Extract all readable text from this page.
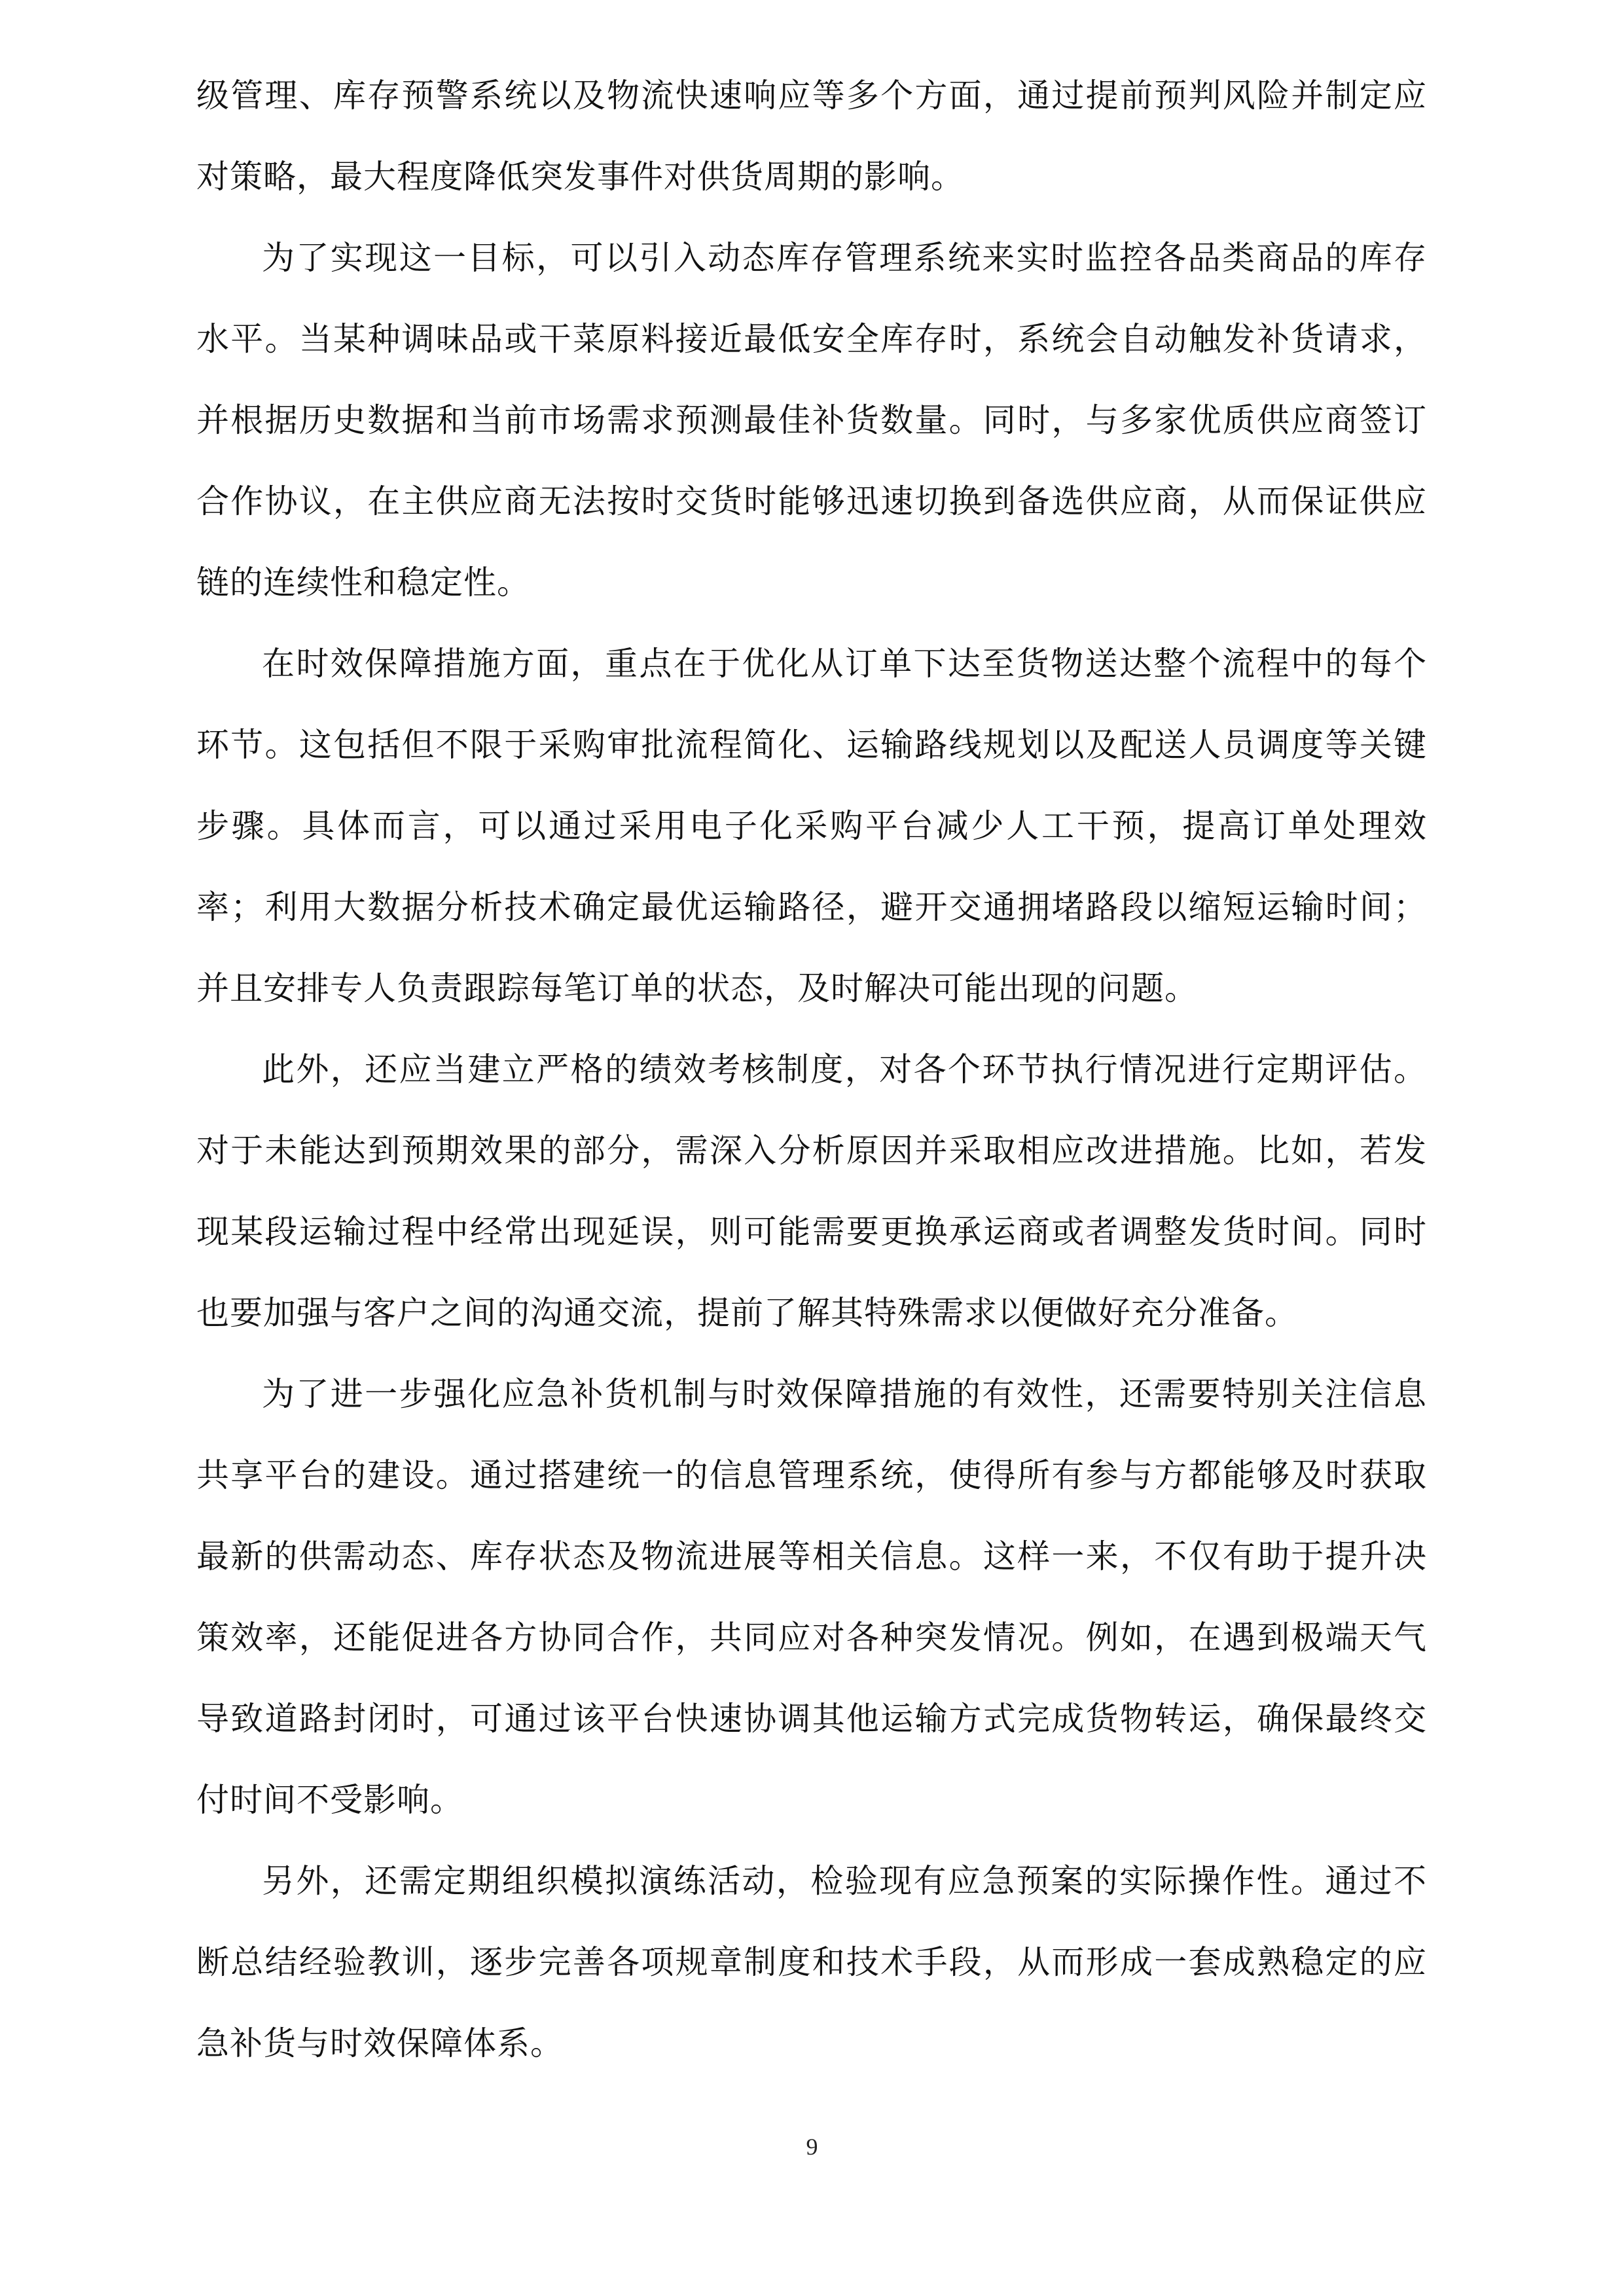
级管理、库存预警系统以及物流快速响应等多个方面，通过提前预判风险并制定应对策略，最大程度降低突发事件对供货周期的影响。

为了实现这一目标，可以引入动态库存管理系统来实时监控各品类商品的库存水平。当某种调味品或干菜原料接近最低安全库存时，系统会自动触发补货请求，并根据历史数据和当前市场需求预测最佳补货数量。同时，与多家优质供应商签订合作协议，在主供应商无法按时交货时能够迅速切换到备选供应商，从而保证供应链的连续性和稳定性。

在时效保障措施方面，重点在于优化从订单下达至货物送达整个流程中的每个环节。这包括但不限于采购审批流程简化、运输路线规划以及配送人员调度等关键步骤。具体而言，可以通过采用电子化采购平台减少人工干预，提高订单处理效率；利用大数据分析技术确定最优运输路径，避开交通拥堵路段以缩短运输时间；并且安排专人负责跟踪每笔订单的状态，及时解决可能出现的问题。

此外，还应当建立严格的绩效考核制度，对各个环节执行情况进行定期评估。对于未能达到预期效果的部分，需深入分析原因并采取相应改进措施。比如，若发现某段运输过程中经常出现延误，则可能需要更换承运商或者调整发货时间。同时也要加强与客户之间的沟通交流，提前了解其特殊需求以便做好充分准备。

为了进一步强化应急补货机制与时效保障措施的有效性，还需要特别关注信息共享平台的建设。通过搭建统一的信息管理系统，使得所有参与方都能够及时获取最新的供需动态、库存状态及物流进展等相关信息。这样一来，不仅有助于提升决策效率，还能促进各方协同合作，共同应对各种突发情况。例如，在遇到极端天气导致道路封闭时，可通过该平台快速协调其他运输方式完成货物转运，确保最终交付时间不受影响。

另外，还需定期组织模拟演练活动，检验现有应急预案的实际操作性。通过不断总结经验教训，逐步完善各项规章制度和技术手段，从而形成一套成熟稳定的应急补货与时效保障体系。

9
